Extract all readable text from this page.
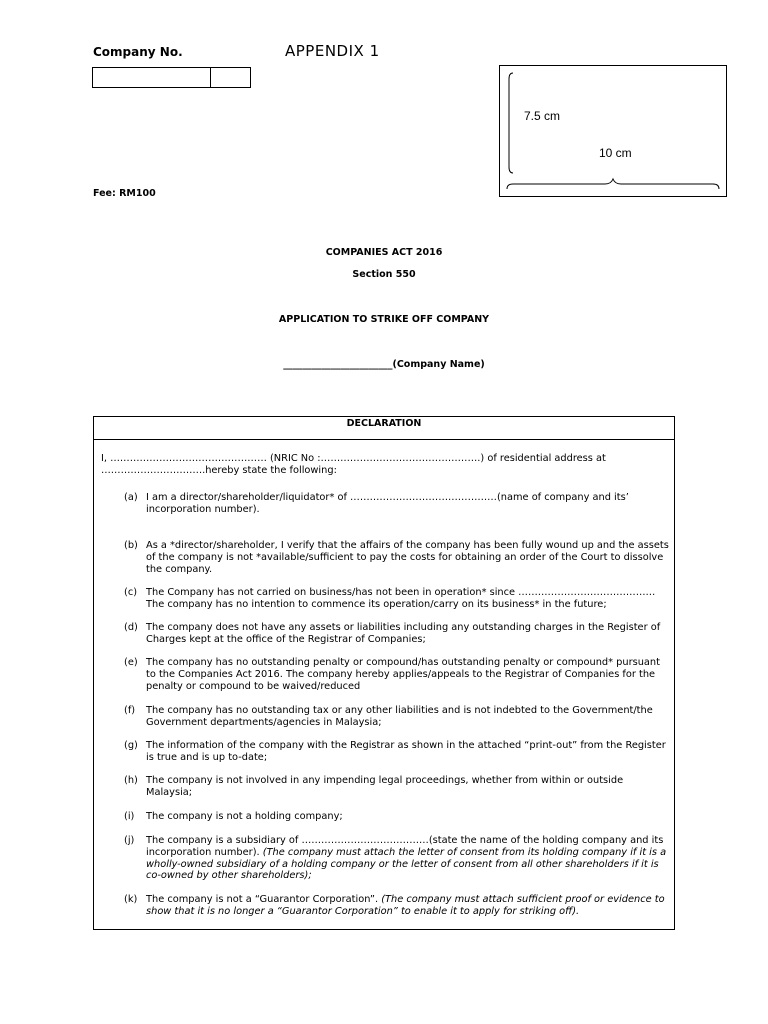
Company No.	APPENDIX 1
7.5 cm
10 cm
Fee: RM100
COMPANIES ACT 2016
Section 550
APPLICATION TO STRIKE OFF COMPANY
_______________________(Company Name)
DECLARATION
I, ………………………………………… (NRIC No :………………………………………….) of residential address at …………………………..hereby state the following:
(a) I am a director/shareholder/liquidator* of ………………………………………(name of company and its’ incorporation number).
(b) As a *director/shareholder, I verify that the affairs of the company has been fully wound up and the assets of the company is not *available/sufficient to pay the costs for obtaining an order of the Court to dissolve the company.
(c) The Company has not carried on business/has not been in operation* since ……………………………………
The company has no intention to commence its operation/carry on its business* in the future;
(d) The company does not have any assets or liabilities including any outstanding charges in the Register of Charges kept at the office of the Registrar of Companies;
(e) The company has no outstanding penalty or compound/has outstanding penalty or compound* pursuant to the Companies Act 2016. The company hereby applies/appeals to the Registrar of Companies for the penalty or compound to be waived/reduced
(f)	The company has no outstanding tax or any other liabilities and is not indebted to the Government/the Government departments/agencies in Malaysia;
(g) The information of the company with the Registrar as shown in the attached “print-out” from the Register is true and is up to-date;
(h) The company is not involved in any impending legal proceedings, whether from within or outside Malaysia;
(i)	The company is not a holding company;
(j)	The company is a subsidiary of …………………………………(state the name of the holding company and its incorporation number). (The company must attach the letter of consent from its holding company if it is a wholly-owned subsidiary of a holding company or the letter of consent from all other shareholders if it is co-owned by other shareholders);
(k) The company is not a “Guarantor Corporation”. (The company must attach sufficient proof or evidence to show that it is no longer a “Guarantor Corporation” to enable it to apply for striking off).
